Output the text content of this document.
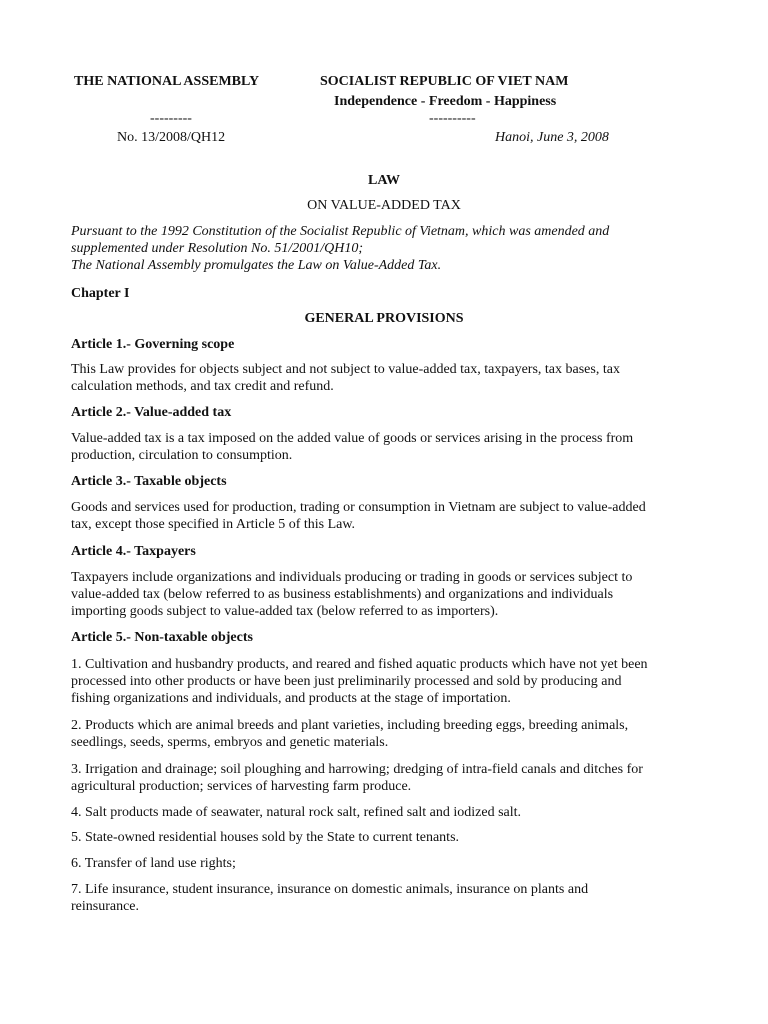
THE NATIONAL ASSEMBLY	SOCIALIST REPUBLIC OF VIET NAM
Independence - Freedom - Happiness
---------	----------
No. 13/2008/QH12	Hanoi, June 3, 2008
LAW
ON VALUE-ADDED TAX
Pursuant to the 1992 Constitution of the Socialist Republic of Vietnam, which was amended and
supplemented under Resolution No. 51/2001/QH10;
The National Assembly promulgates the Law on Value-Added Tax.
Chapter I
GENERAL PROVISIONS
Article 1.- Governing scope
This Law provides for objects subject and not subject to value-added tax, taxpayers, tax bases, tax
calculation methods, and tax credit and refund.
Article 2.- Value-added tax
Value-added tax is a tax imposed on the added value of goods or services arising in the process from
production, circulation to consumption.
Article 3.- Taxable objects
Goods and services used for production, trading or consumption in Vietnam are subject to value-added
tax, except those specified in Article 5 of this Law.
Article 4.- Taxpayers
Taxpayers include organizations and individuals producing or trading in goods or services subject to
value-added tax (below referred to as business establishments) and organizations and individuals
importing goods subject to value-added tax (below referred to as importers).
Article 5.- Non-taxable objects
1. Cultivation and husbandry products, and reared and fished aquatic products which have not yet been
processed into other products or have been just preliminarily processed and sold by producing and
fishing organizations and individuals, and products at the stage of importation.
2. Products which are animal breeds and plant varieties, including breeding eggs, breeding animals,
seedlings, seeds, sperms, embryos and genetic materials.
3. Irrigation and drainage; soil ploughing and harrowing; dredging of intra-field canals and ditches for
agricultural production; services of harvesting farm produce.
4. Salt products made of seawater, natural rock salt, refined salt and iodized salt.
5. State-owned residential houses sold by the State to current tenants.
6. Transfer of land use rights;
7. Life insurance, student insurance, insurance on domestic animals, insurance on plants and
reinsurance.
